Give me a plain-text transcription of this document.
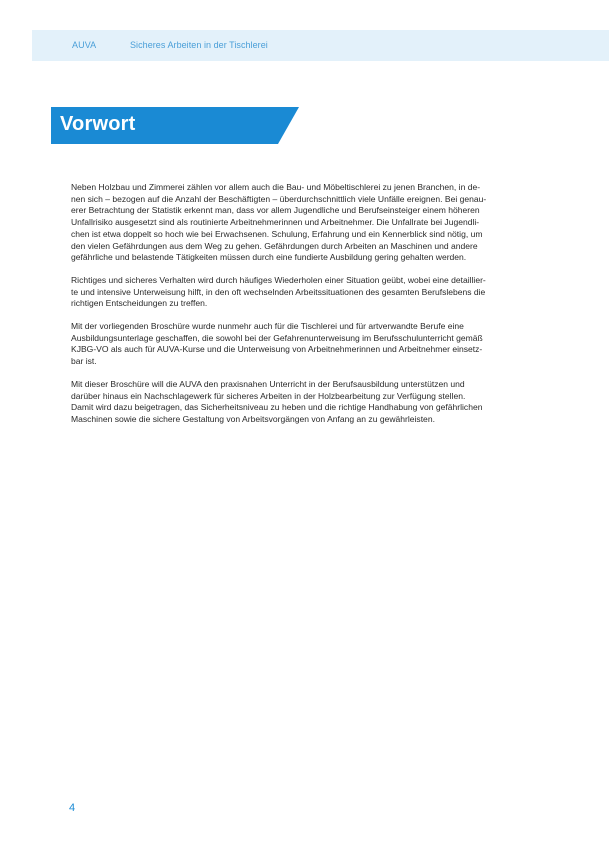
AUVA	Sicheres Arbeiten in der Tischlerei
Vorwort

Neben Holzbau und Zimmerei zählen vor allem auch die Bau- und Möbeltischlerei zu jenen Branchen, in de-
nen sich – bezogen auf die Anzahl der Beschäftigten – überdurchschnittlich viele Unfälle ereignen. Bei genau-
erer Betrachtung der Statistik erkennt man, dass vor allem Jugendliche und Berufseinsteiger einem höheren
Unfallrisiko ausgesetzt sind als routinierte Arbeitnehmerinnen und Arbeitnehmer. Die Unfallrate bei Jugendli-
chen ist etwa doppelt so hoch wie bei Erwachsenen. Schulung, Erfahrung und ein Kennerblick sind nötig, um
den vielen Gefährdungen aus dem Weg zu gehen. Gefährdungen durch Arbeiten an Maschinen und andere
gefährliche und belastende Tätigkeiten müssen durch eine fundierte Ausbildung gering gehalten werden.

Richtiges und sicheres Verhalten wird durch häufiges Wiederholen einer Situation geübt, wobei eine detaillier-
te und intensive Unterweisung hilft, in den oft wechselnden Arbeitssituationen des gesamten Berufslebens die
richtigen Entscheidungen zu treffen.

Mit der vorliegenden Broschüre wurde nunmehr auch für die Tischlerei und für artverwandte Berufe eine
Ausbildungsunterlage geschaffen, die sowohl bei der Gefahrenunterweisung im Berufsschulunterricht gemäß
KJBG-VO als auch für AUVA-Kurse und die Unterweisung von Arbeitnehmerinnen und Arbeitnehmer einsetz-
bar ist.

Mit dieser Broschüre will die AUVA den praxisnahen Unterricht in der Berufsausbildung unterstützen und
darüber hinaus ein Nachschlagewerk für sicheres Arbeiten in der Holzbearbeitung zur Verfügung stellen.
Damit wird dazu beigetragen, das Sicherheitsniveau zu heben und die richtige Handhabung von gefährlichen
Maschinen sowie die sichere Gestaltung von Arbeitsvorgängen von Anfang an zu gewährleisten.

4
